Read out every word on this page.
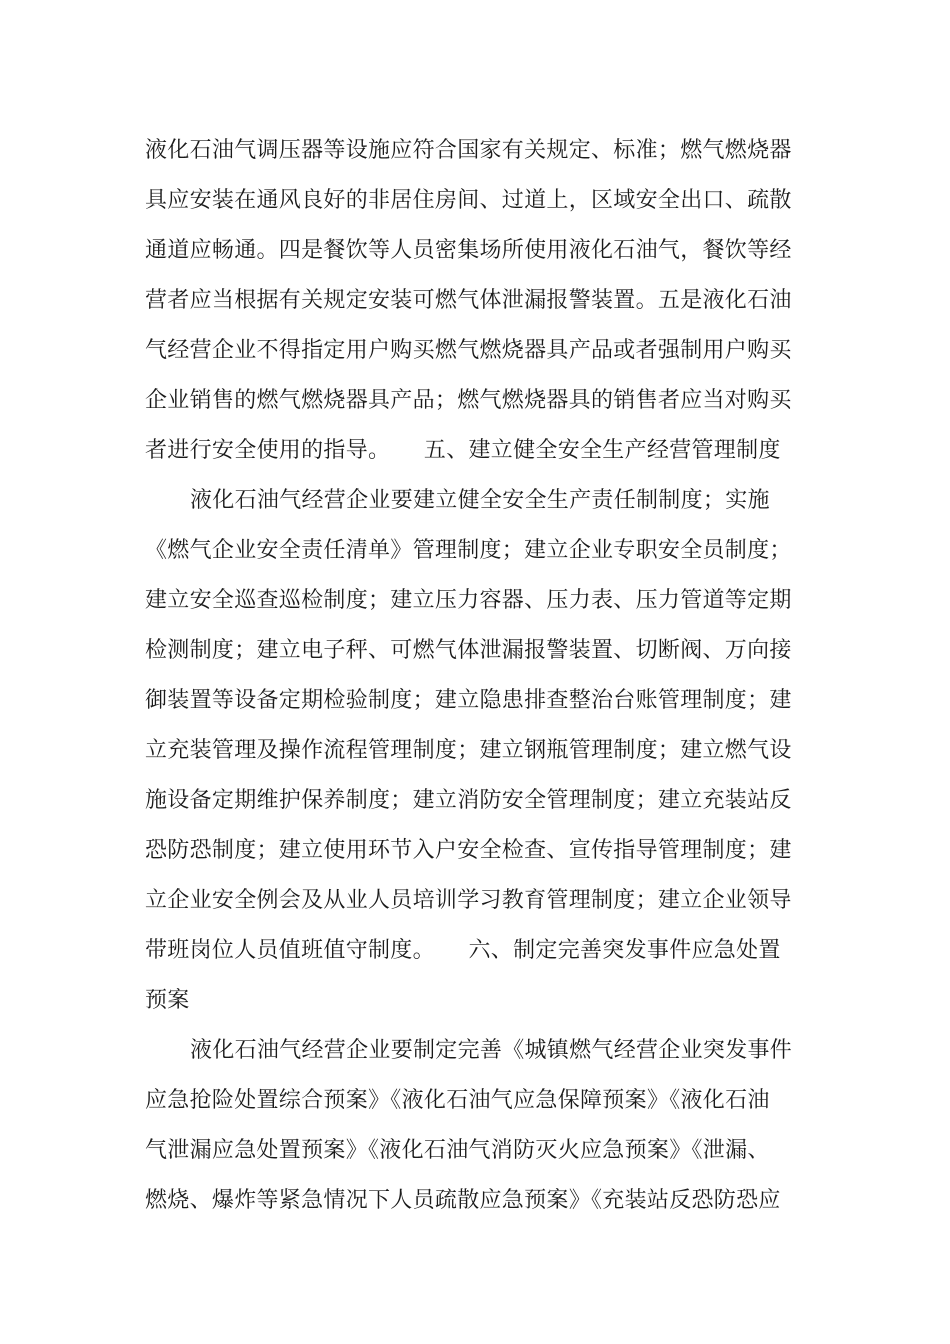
液化石油气调压器等设施应符合国家有关规定、标准；燃气燃烧器
具应安装在通风良好的非居住房间、过道上，区域安全出口、疏散
通道应畅通。四是餐饮等人员密集场所使用液化石油气，餐饮等经
营者应当根据有关规定安装可燃气体泄漏报警装置。五是液化石油
气经营企业不得指定用户购买燃气燃烧器具产品或者强制用户购买
企业销售的燃气燃烧器具产品；燃气燃烧器具的销售者应当对购买
者进行安全使用的指导。　　五、建立健全安全生产经营管理制度
液化石油气经营企业要建立健全安全生产责任制制度；实施
《燃气企业安全责任清单》管理制度；建立企业专职安全员制度；
建立安全巡查巡检制度；建立压力容器、压力表、压力管道等定期
检测制度；建立电子秤、可燃气体泄漏报警装置、切断阀、万向接
御装置等设备定期检验制度；建立隐患排查整治台账管理制度；建
立充装管理及操作流程管理制度；建立钢瓶管理制度；建立燃气设
施设备定期维护保养制度；建立消防安全管理制度；建立充装站反
恐防恐制度；建立使用环节入户安全检查、宣传指导管理制度；建
立企业安全例会及从业人员培训学习教育管理制度；建立企业领导
带班岗位人员值班值守制度。　　六、制定完善突发事件应急处置
预案
液化石油气经营企业要制定完善《城镇燃气经营企业突发事件
应急抢险处置综合预案》《液化石油气应急保障预案》《液化石油
气泄漏应急处置预案》《液化石油气消防灭火应急预案》《泄漏、
燃烧、爆炸等紧急情况下人员疏散应急预案》《充装站反恐防恐应
